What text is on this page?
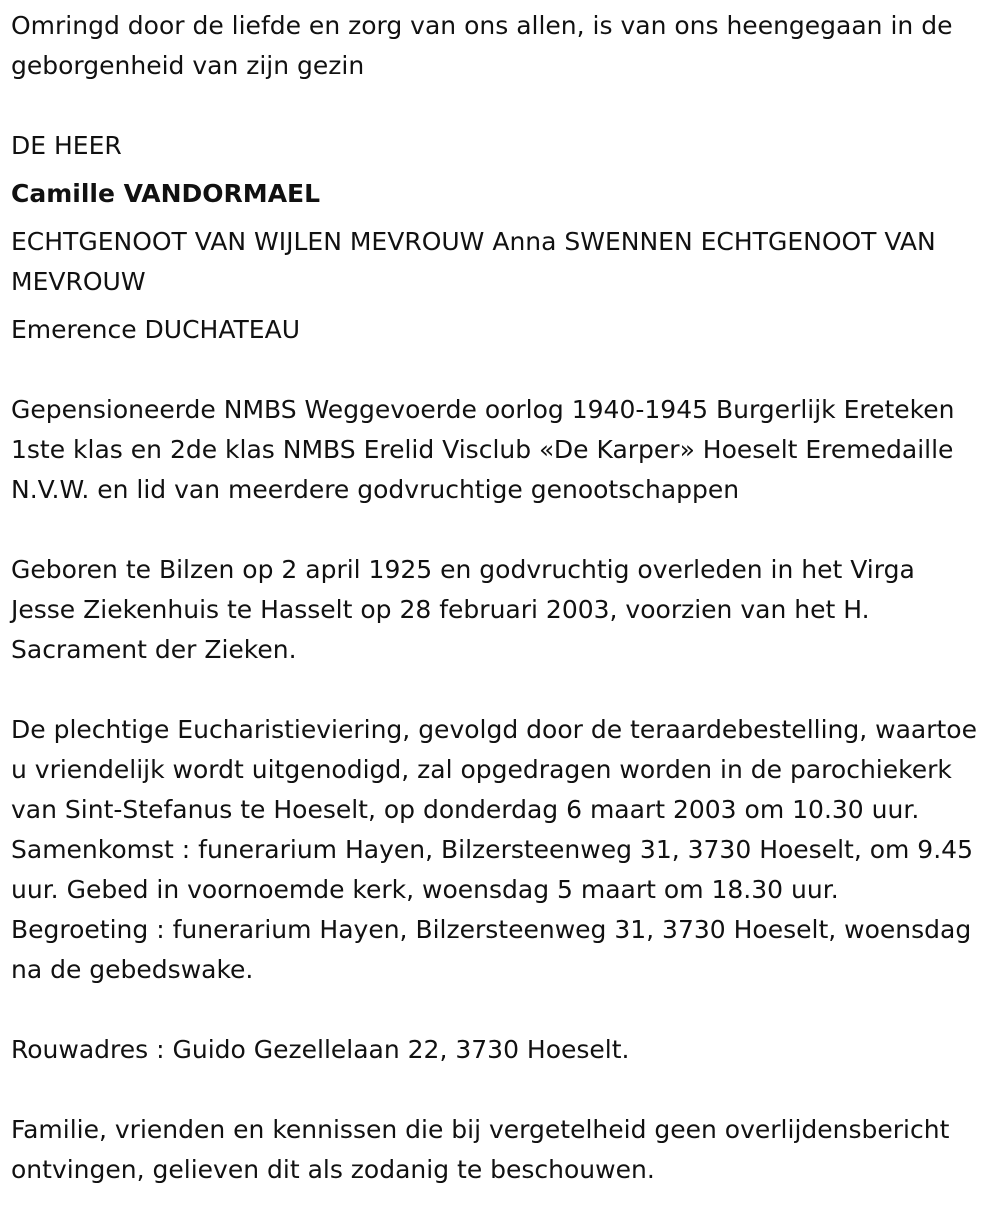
Omringd door de liefde en zorg van ons allen, is van ons heengegaan in de geborgenheid van zijn gezin

DE HEER

Camille VANDORMAEL

ECHTGENOOT VAN WIJLEN MEVROUW Anna SWENNEN ECHTGENOOT VAN MEVROUW

Emerence DUCHATEAU

Gepensioneerde NMBS Weggevoerde oorlog 1940-1945 Burgerlijk Ereteken 1ste klas en 2de klas NMBS Erelid Visclub «De Karper» Hoeselt Eremedaille N.V.W. en lid van meerdere godvruchtige genootschappen

Geboren te Bilzen op 2 april 1925 en godvruchtig overleden in het Virga Jesse Ziekenhuis te Hasselt op 28 februari 2003, voorzien van het H. Sacrament der Zieken.

De plechtige Eucharistieviering, gevolgd door de teraardebestelling, waartoe u vriendelijk wordt uitgenodigd, zal opgedragen worden in de parochiekerk van Sint-Stefanus te Hoeselt, op donderdag 6 maart 2003 om 10.30 uur. Samenkomst : funerarium Hayen, Bilzersteenweg 31, 3730 Hoeselt, om 9.45 uur. Gebed in voornoemde kerk, woensdag 5 maart om 18.30 uur. Begroeting : funerarium Hayen, Bilzersteenweg 31, 3730 Hoeselt, woensdag na de gebedswake.

Rouwadres : Guido Gezellelaan 22, 3730 Hoeselt.

Familie, vrienden en kennissen die bij vergetelheid geen overlijdensbericht ontvingen, gelieven dit als zodanig te beschouwen.
